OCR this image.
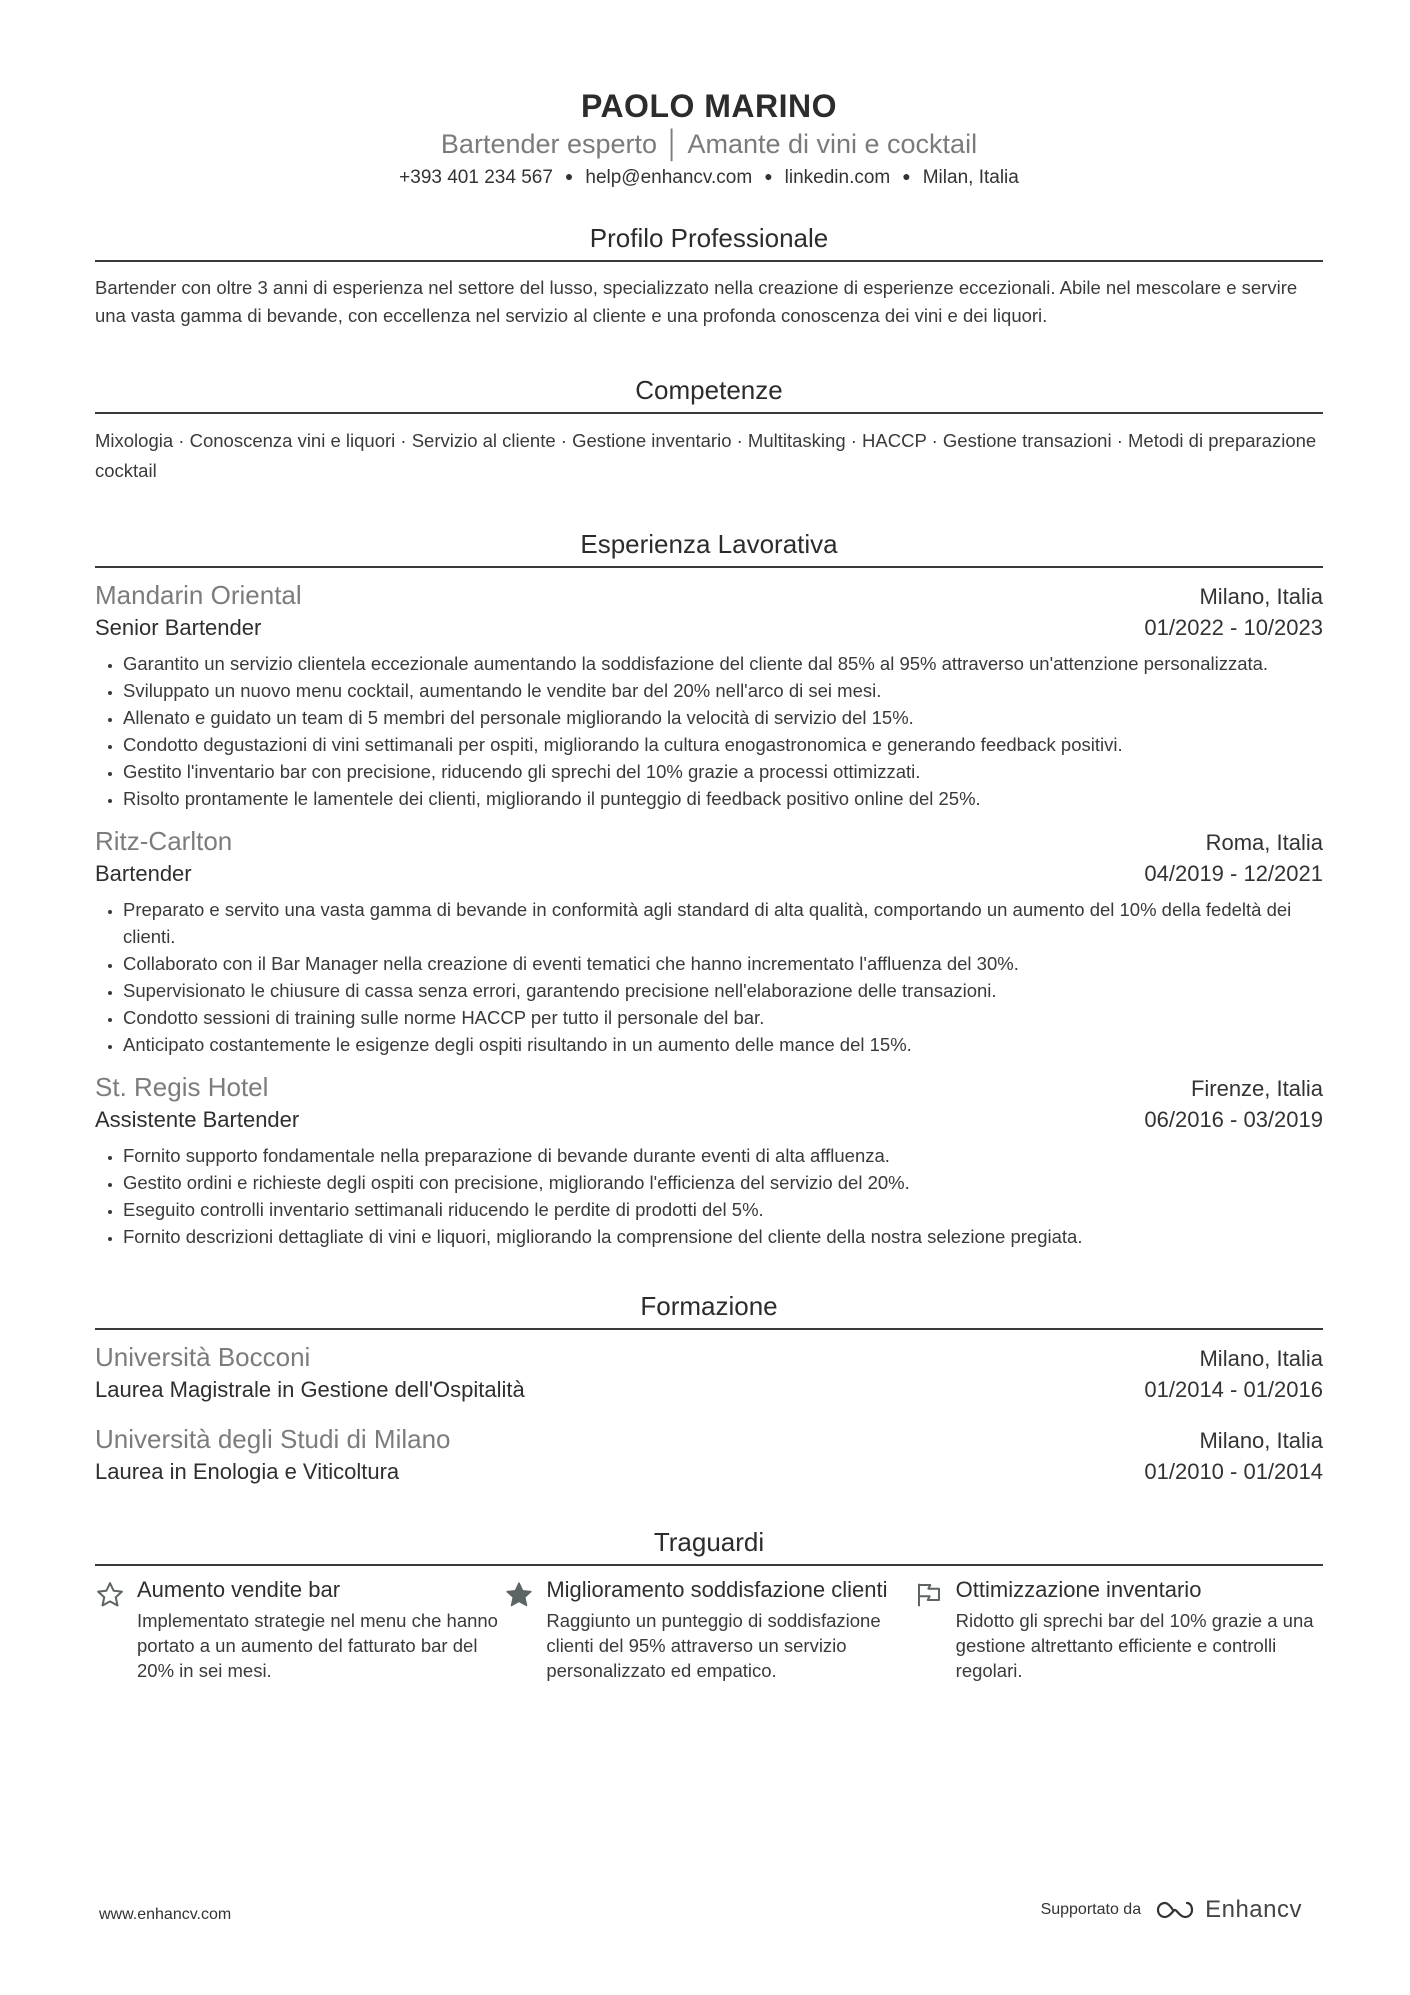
PAOLO MARINO
Bartender esperto │ Amante di vini e cocktail
+393 401 234 567 ● help@enhancv.com ● linkedin.com ● Milan, Italia
Profilo Professionale
Bartender con oltre 3 anni di esperienza nel settore del lusso, specializzato nella creazione di esperienze eccezionali. Abile nel mescolare e servire una vasta gamma di bevande, con eccellenza nel servizio al cliente e una profonda conoscenza dei vini e dei liquori.
Competenze
Mixologia · Conoscenza vini e liquori · Servizio al cliente · Gestione inventario · Multitasking · HACCP · Gestione transazioni · Metodi di preparazione cocktail
Esperienza Lavorativa
Mandarin Oriental	Milano, Italia
Senior Bartender	01/2022 - 10/2023
• Garantito un servizio clientela eccezionale aumentando la soddisfazione del cliente dal 85% al 95% attraverso un'attenzione personalizzata.
• Sviluppato un nuovo menu cocktail, aumentando le vendite bar del 20% nell'arco di sei mesi.
• Allenato e guidato un team di 5 membri del personale migliorando la velocità di servizio del 15%.
• Condotto degustazioni di vini settimanali per ospiti, migliorando la cultura enogastronomica e generando feedback positivi.
• Gestito l'inventario bar con precisione, riducendo gli sprechi del 10% grazie a processi ottimizzati.
• Risolto prontamente le lamentele dei clienti, migliorando il punteggio di feedback positivo online del 25%.
Ritz-Carlton	Roma, Italia
Bartender	04/2019 - 12/2021
• Preparato e servito una vasta gamma di bevande in conformità agli standard di alta qualità, comportando un aumento del 10% della fedeltà dei clienti.
• Collaborato con il Bar Manager nella creazione di eventi tematici che hanno incrementato l'affluenza del 30%.
• Supervisionato le chiusure di cassa senza errori, garantendo precisione nell'elaborazione delle transazioni.
• Condotto sessioni di training sulle norme HACCP per tutto il personale del bar.
• Anticipato costantemente le esigenze degli ospiti risultando in un aumento delle mance del 15%.
St. Regis Hotel	Firenze, Italia
Assistente Bartender	06/2016 - 03/2019
• Fornito supporto fondamentale nella preparazione di bevande durante eventi di alta affluenza.
• Gestito ordini e richieste degli ospiti con precisione, migliorando l'efficienza del servizio del 20%.
• Eseguito controlli inventario settimanali riducendo le perdite di prodotti del 5%.
• Fornito descrizioni dettagliate di vini e liquori, migliorando la comprensione del cliente della nostra selezione pregiata.
Formazione
Università Bocconi	Milano, Italia
Laurea Magistrale in Gestione dell'Ospitalità	01/2014 - 01/2016
Università degli Studi di Milano	Milano, Italia
Laurea in Enologia e Viticoltura	01/2010 - 01/2014
Traguardi
Aumento vendite bar
Implementato strategie nel menu che hanno portato a un aumento del fatturato bar del 20% in sei mesi.
Miglioramento soddisfazione clienti
Raggiunto un punteggio di soddisfazione clienti del 95% attraverso un servizio personalizzato ed empatico.
Ottimizzazione inventario
Ridotto gli sprechi bar del 10% grazie a una gestione altrettanto efficiente e controlli regolari.
www.enhancv.com	Supportato da	Enhancv
